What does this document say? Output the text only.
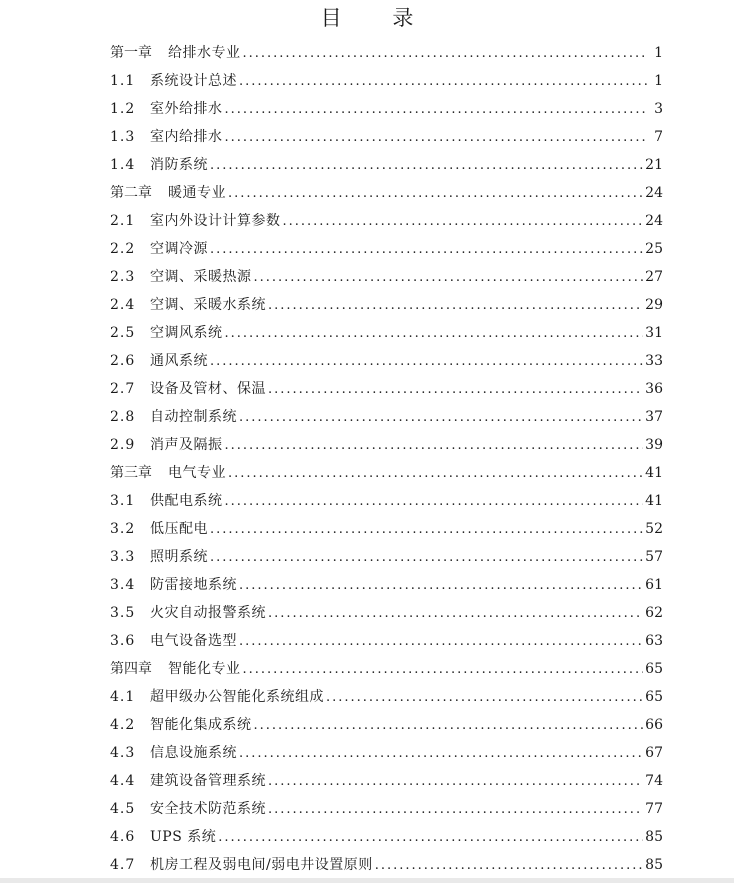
目 录
第一章 给排水专业 .....	1
1.1	系统设计总述 .....	1
1.2	室外给排水 .....	3
1.3	室内给排水 .....	7
1.4	消防系统 .....	21
第二章 暖通专业 .....	24
2.1	室内外设计计算参数 .....	24
2.2	空调冷源 .....	25
2.3	空调、采暖热源 .....	27
2.4	空调、采暖水系统 .....	29
2.5	空调风系统 .....	31
2.6	通风系统 .....	33
2.7	设备及管材、保温 .....	36
2.8	自动控制系统 .....	37
2.9	消声及隔振 .....	39
第三章 电气专业 .....	41
3.1	供配电系统 .....	41
3.2	低压配电 .....	52
3.3	照明系统 .....	57
3.4	防雷接地系统 .....	61
3.5	火灾自动报警系统 .....	62
3.6	电气设备选型 .....	63
第四章 智能化专业 .....	65
4.1	超甲级办公智能化系统组成 .....	65
4.2	智能化集成系统 .....	66
4.3	信息设施系统 .....	67
4.4	建筑设备管理系统 .....	74
4.5	安全技术防范系统 .....	77
4.6	UPS 系统 .....	85
4.7	机房工程及弱电间/弱电井设置原则 .....	85
